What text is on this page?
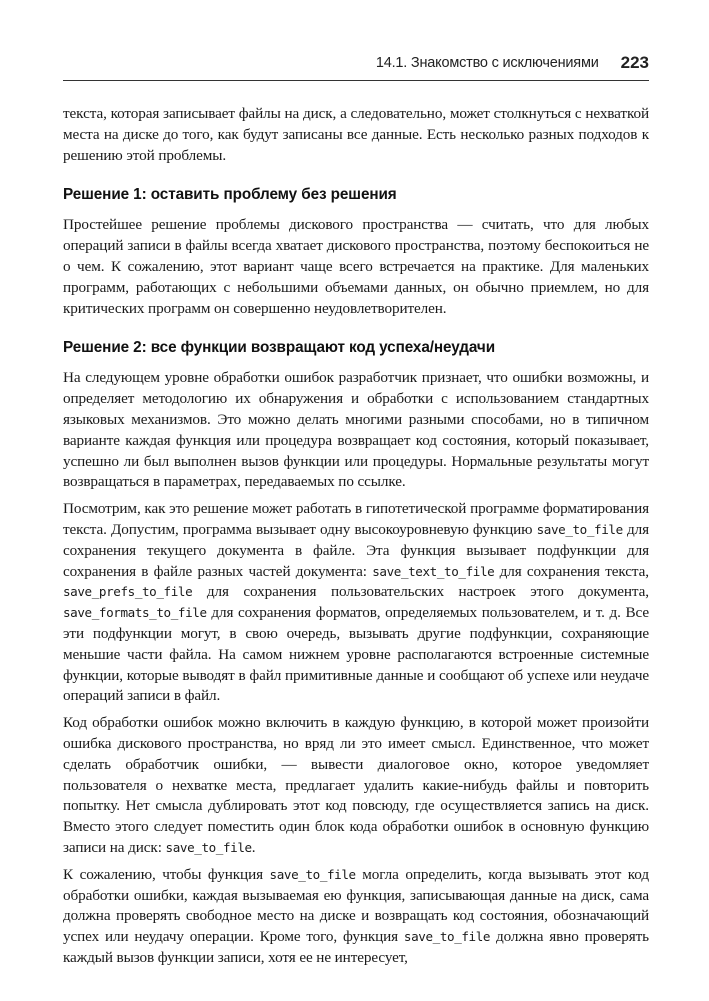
14.1. Знакомство с исключениями 223

текста, которая записывает файлы на диск, а следовательно, может столкнуться с нехваткой места на диске до того, как будут записаны все данные. Есть несколько разных подходов к решению этой проблемы.

Решение 1: оставить проблему без решения

Простейшее решение проблемы дискового пространства — считать, что для любых операций записи в файлы всегда хватает дискового пространства, поэтому беспокоиться не о чем. К сожалению, этот вариант чаще всего встречается на практике. Для маленьких программ, работающих с небольшими объемами данных, он обычно приемлем, но для критических программ он совершенно неудовлетворителен.

Решение 2: все функции возвращают код успеха/неудачи

На следующем уровне обработки ошибок разработчик признает, что ошибки возможны, и определяет методологию их обнаружения и обработки с использованием стандартных языковых механизмов. Это можно делать многими разными способами, но в типичном варианте каждая функция или процедура возвращает код состояния, который показывает, успешно ли был выполнен вызов функции или процедуры. Нормальные результаты могут возвращаться в параметрах, передаваемых по ссылке.

Посмотрим, как это решение может работать в гипотетической программе форматирования текста. Допустим, программа вызывает одну высокоуровневую функцию save_to_file для сохранения текущего документа в файле. Эта функция вызывает подфункции для сохранения в файле разных частей документа: save_text_to_file для сохранения текста, save_prefs_to_file для сохранения пользовательских настроек этого документа, save_formats_to_file для сохранения форматов, определяемых пользователем, и т. д. Все эти подфункции могут, в свою очередь, вызывать другие подфункции, сохраняющие меньшие части файла. На самом нижнем уровне располагаются встроенные системные функции, которые выводят в файл примитивные данные и сообщают об успехе или неудаче операций записи в файл.

Код обработки ошибок можно включить в каждую функцию, в которой может произойти ошибка дискового пространства, но вряд ли это имеет смысл. Единственное, что может сделать обработчик ошибки, — вывести диалоговое окно, которое уведомляет пользователя о нехватке места, предлагает удалить какие-нибудь файлы и повторить попытку. Нет смысла дублировать этот код повсюду, где осуществляется запись на диск. Вместо этого следует поместить один блок кода обработки ошибок в основную функцию записи на диск: save_to_file.

К сожалению, чтобы функция save_to_file могла определить, когда вызывать этот код обработки ошибки, каждая вызываемая ею функция, записывающая данные на диск, сама должна проверять свободное место на диске и возвращать код состояния, обозначающий успех или неудачу операции. Кроме того, функция save_to_file должна явно проверять каждый вызов функции записи, хотя ее не интересует,
